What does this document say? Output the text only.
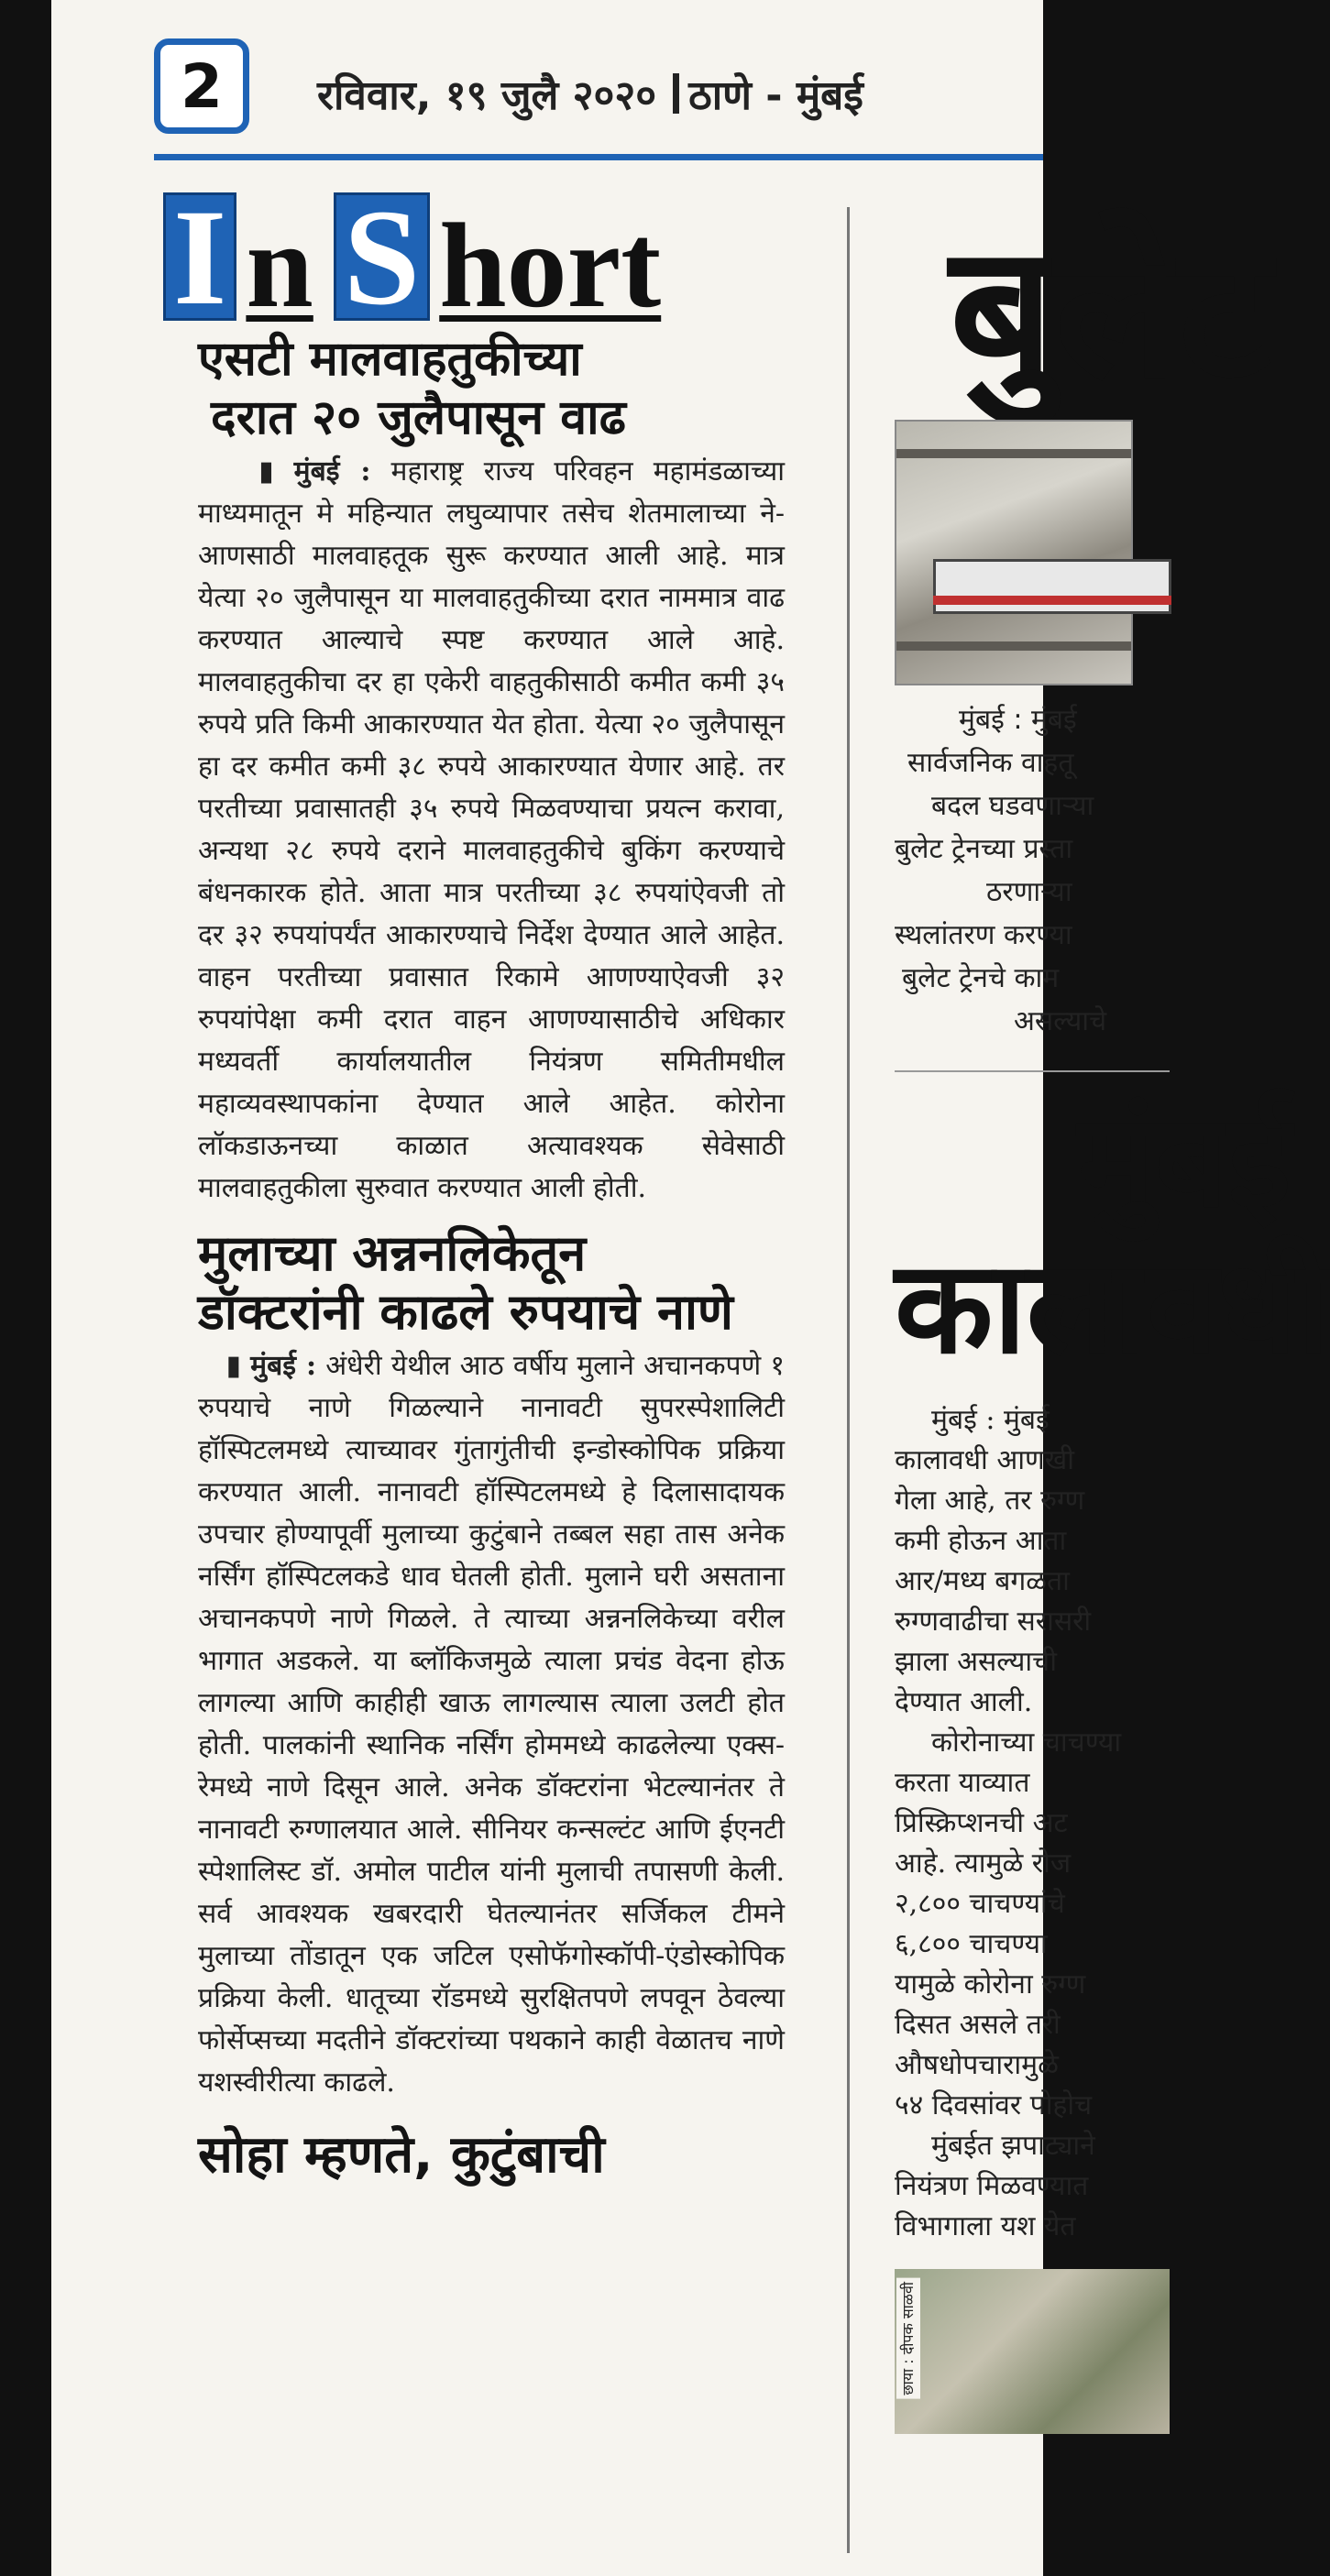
2 रविवार, १९ जुलै २०२० ठाणे - मुंबई
I n S hort
एसटी मालवाहतुकीच्या
दरात २० जुलैपासून वाढ

▮ मुंबई : महाराष्ट्र राज्य परिवहन महामंडळाच्या माध्यमातून मे महिन्यात लघुव्यापार तसेच शेतमालाच्या ने-आणसाठी मालवाहतूक सुरू करण्यात आली आहे. मात्र येत्या २० जुलैपासून या मालवाहतुकीच्या दरात नाममात्र वाढ करण्यात आल्याचे स्पष्ट करण्यात आले आहे. मालवाहतुकीचा दर हा एकेरी वाहतुकीसाठी कमीत कमी ३५ रुपये प्रति किमी आकारण्यात येत होता. येत्या २० जुलैपासून हा दर कमीत कमी ३८ रुपये आकारण्यात येणार आहे. तर परतीच्या प्रवासातही ३५ रुपये मिळवण्याचा प्रयत्न करावा, अन्यथा २८ रुपये दराने मालवाहतुकीचे बुकिंग करण्याचे बंधनकारक होते. आता मात्र परतीच्या ३८ रुपयांऐवजी तो दर ३२ रुपयांपर्यंत आकारण्याचे निर्देश देण्यात आले आहेत. वाहन परतीच्या प्रवासात रिकामे आणण्याऐवजी ३२ रुपयांपेक्षा कमी दरात वाहन आणण्यासाठीचे अधिकार मध्यवर्ती कार्यालयातील नियंत्रण समितीमधील महाव्यवस्थापकांना देण्यात आले आहेत. कोरोना लॉकडाऊनच्या काळात अत्यावश्यक सेवेसाठी मालवाहतुकीला सुरुवात करण्यात आली होती.

मुलाच्या अन्ननलिकेतून
डॉक्टरांनी काढले रुपयाचे नाणे

▮ मुंबई : अंधेरी येथील आठ वर्षीय मुलाने अचानकपणे १ रुपयाचे नाणे गिळल्याने नानावटी सुपरस्पेशालिटी हॉस्पिटलमध्ये त्याच्यावर गुंतागुंतीची इन्डोस्कोपिक प्रक्रिया करण्यात आली. नानावटी हॉस्पिटलमध्ये हे दिलासादायक उपचार होण्यापूर्वी मुलाच्या कुटुंबाने तब्बल सहा तास अनेक नर्सिंग हॉस्पिटलकडे धाव घेतली होती. मुलाने घरी असताना अचानकपणे नाणे गिळले. ते त्याच्या अन्ननलिकेच्या वरील भागात अडकले. या ब्लॉकिजमुळे त्याला प्रचंड वेदना होऊ लागल्या आणि काहीही खाऊ लागल्यास त्याला उलटी होत होती. पालकांनी स्थानिक नर्सिंग होममध्ये काढलेल्या एक्स-रेमध्ये नाणे दिसून आले. अनेक डॉक्टरांना भेटल्यानंतर ते नानावटी रुग्णालयात आले. सीनियर कन्सल्टंट आणि ईएनटी स्पेशालिस्ट डॉ. अमोल पाटील यांनी मुलाची तपासणी केली. सर्व आवश्यक खबरदारी घेतल्यानंतर सर्जिकल टीमने मुलाच्या तोंडातून एक जटिल एसोफॅगोस्कॉपी-एंडोस्कोपिक प्रक्रिया केली. धातूच्या रॉडमध्ये सुरक्षितपणे लपवून ठेवल्या फोर्सेप्सच्या मदतीने डॉक्टरांच्या पथकाने काही वेळातच नाणे यशस्वीरीत्या काढले.

सोहा म्हणते, कुटुंबाची
बुलेट
मुंबई : मुंबई
सार्वजनिक वाहतू
बदल घडवणाऱ्या
बुलेट ट्रेनच्या प्रस्ता
ठरणाऱ्या
स्थलांतरण करण्या
बुलेट ट्रेनचे काम
असल्याचे
मुंबई
कालावधी
मुंबई : मुंबई
कालावधी आणखी
गेला आहे, तर रुग्ण
कमी होऊन आता
आर/मध्य बगळता
रुग्णवाढीचा सरासरी
झाला असल्याची
देण्यात आली.
कोरोनाच्या चाचण्या
करता याव्यात
प्रिस्क्रिप्शनची अट
आहे. त्यामुळे रोज
२,८०० चाचण्यांचे
६,८०० चाचण्या
यामुळे कोरोना रुग्ण
दिसत असले तरी
औषधोपचारामुळे
५४ दिवसांवर पोहोच
मुंबईत झपाट्याने
नियंत्रण मिळवण्यात
विभागाला यश येत
छाया : दीपक साळवी
